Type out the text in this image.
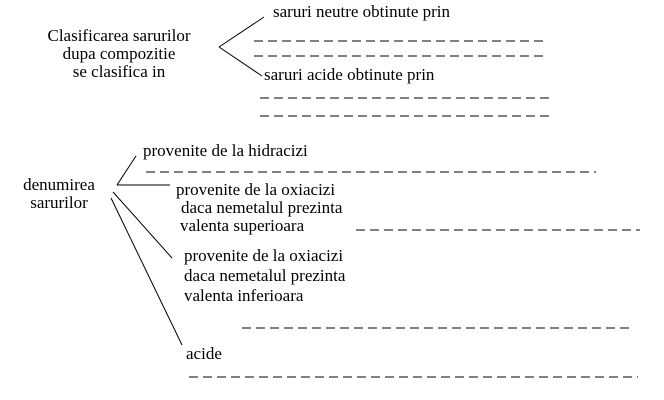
Clasificarea sarurilor
dupa compozitie
se clasifica in
saruri neutre obtinute prin
saruri acide obtinute prin
denumirea
sarurilor
provenite de la hidracizi
provenite de la oxiacizi
daca nemetalul prezinta
valenta superioara
provenite de la oxiacizi
daca nemetalul prezinta
valenta inferioara
acide
